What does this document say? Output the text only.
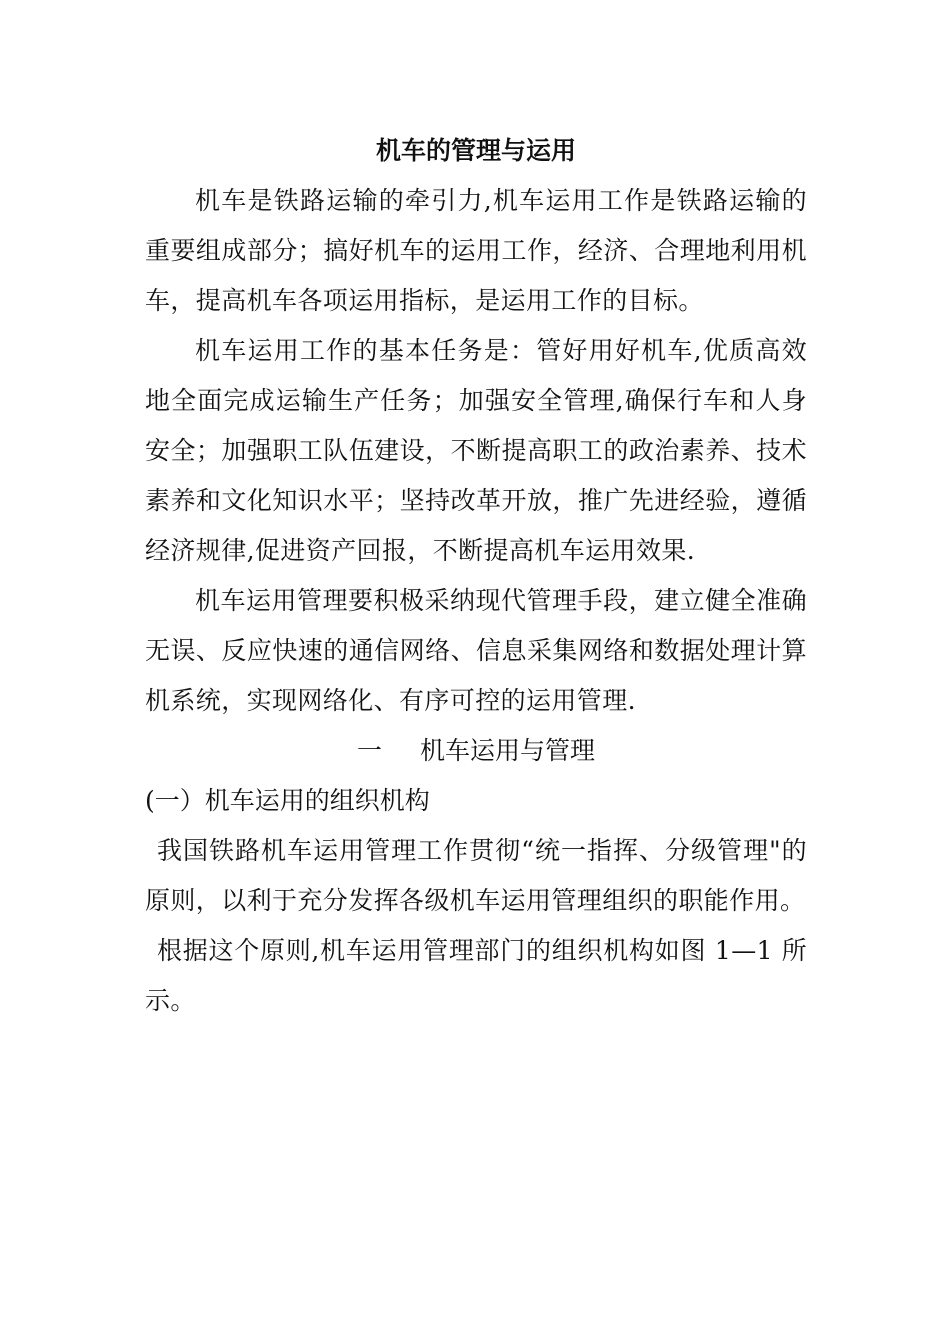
机车的管理与运用

机车是铁路运输的牵引力,机车运用工作是铁路运输的重要组成部分；搞好机车的运用工作，经济、合理地利用机车，提高机车各项运用指标，是运用工作的目标。

机车运用工作的基本任务是：管好用好机车,优质高效地全面完成运输生产任务；加强安全管理,确保行车和人身安全；加强职工队伍建设，不断提高职工的政治素养、技术素养和文化知识水平；坚持改革开放，推广先进经验，遵循经济规律,促进资产回报，不断提高机车运用效果.

机车运用管理要积极采纳现代管理手段，建立健全准确无误、反应快速的通信网络、信息采集网络和数据处理计算机系统，实现网络化、有序可控的运用管理.

一 机车运用与管理

(一）机车运用的组织机构

我国铁路机车运用管理工作贯彻“统一指挥、分级管理"的原则，以利于充分发挥各级机车运用管理组织的职能作用。

根据这个原则,机车运用管理部门的组织机构如图 1—1 所示。
